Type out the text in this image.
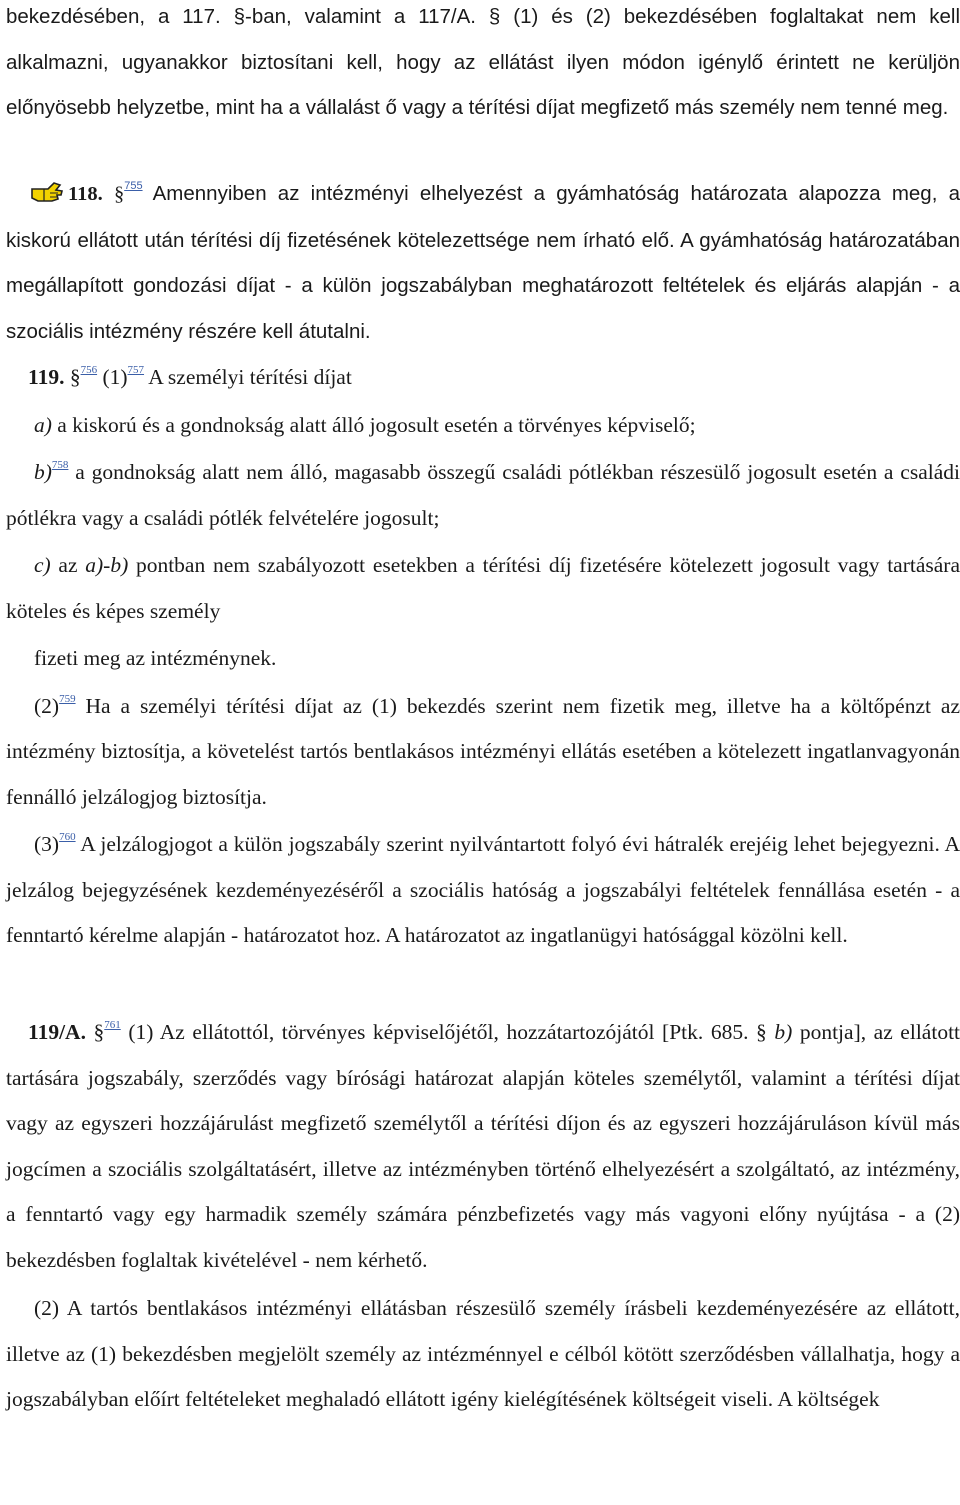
bekezdésében, a 117. §-ban, valamint a 117/A. § (1) és (2) bekezdésében foglaltakat nem kell alkalmazni, ugyanakkor biztosítani kell, hogy az ellátást ilyen módon igénylő érintett ne kerüljön előnyösebb helyzetbe, mint ha a vállalást ő vagy a térítési díjat megfizető más személy nem tenné meg.

118. §$^{755}$ Amennyiben az intézményi elhelyezést a gyámhatóság határozata alapozza meg, a kiskorú ellátott után térítési díj fizetésének kötelezettsége nem írható elő. A gyámhatóság határozatában megállapított gondozási díjat - a külön jogszabályban meghatározott feltételek és eljárás alapján - a szociális intézmény részére kell átutalni.

119. §$^{756}$ $(1)^{757}$ A személyi térítési díjat

a) a kiskorú és a gondnokság alatt álló jogosult esetén a törvényes képviselő;

b)$^{758}$ a gondnokság alatt nem álló, magasabb összegű családi pótlékban részesülő jogosult esetén a családi pótlékra vagy a családi pótlék felvételére jogosult;

c) az a)-b) pontban nem szabályozott esetekben a térítési díj fizetésére kötelezett jogosult vagy tartására köteles és képes személy

fizeti meg az intézménynek.

$(2)^{759}$ Ha a személyi térítési díjat az (1) bekezdés szerint nem fizetik meg, illetve ha a költőpénzt az intézmény biztosítja, a követelést tartós bentlakásos intézményi ellátás esetében a kötelezett ingatlanvagyonán fennálló jelzálogjog biztosítja.

$(3)^{760}$ A jelzálogjogot a külön jogszabály szerint nyilvántartott folyó évi hátralék erejéig lehet bejegyezni. A jelzálog bejegyzésének kezdeményezéséről a szociális hatóság a jogszabályi feltételek fennállása esetén - a fenntartó kérelme alapján - határozatot hoz. A határozatot az ingatlanügyi hatósággal közölni kell.

119/A. §$^{761}$ (1) Az ellátottól, törvényes képviselőjétől, hozzátartozójától [Ptk. 685. § b) pontja], az ellátott tartására jogszabály, szerződés vagy bírósági határozat alapján köteles személytől, valamint a térítési díjat vagy az egyszeri hozzájárulást megfizető személytől a térítési díjon és az egyszeri hozzájáruláson kívül más jogcímen a szociális szolgáltatásért, illetve az intézményben történő elhelyezésért a szolgáltató, az intézmény, a fenntartó vagy egy harmadik személy számára pénzbefizetés vagy más vagyoni előny nyújtása - a (2) bekezdésben foglaltak kivételével - nem kérhető.

(2) A tartós bentlakásos intézményi ellátásban részesülő személy írásbeli kezdeményezésére az ellátott, illetve az (1) bekezdésben megjelölt személy az intézménnyel e célból kötött szerződésben vállalhatja, hogy a jogszabályban előírt feltételeket meghaladó ellátott igény kielégítésének költségeit viseli. A költségek
